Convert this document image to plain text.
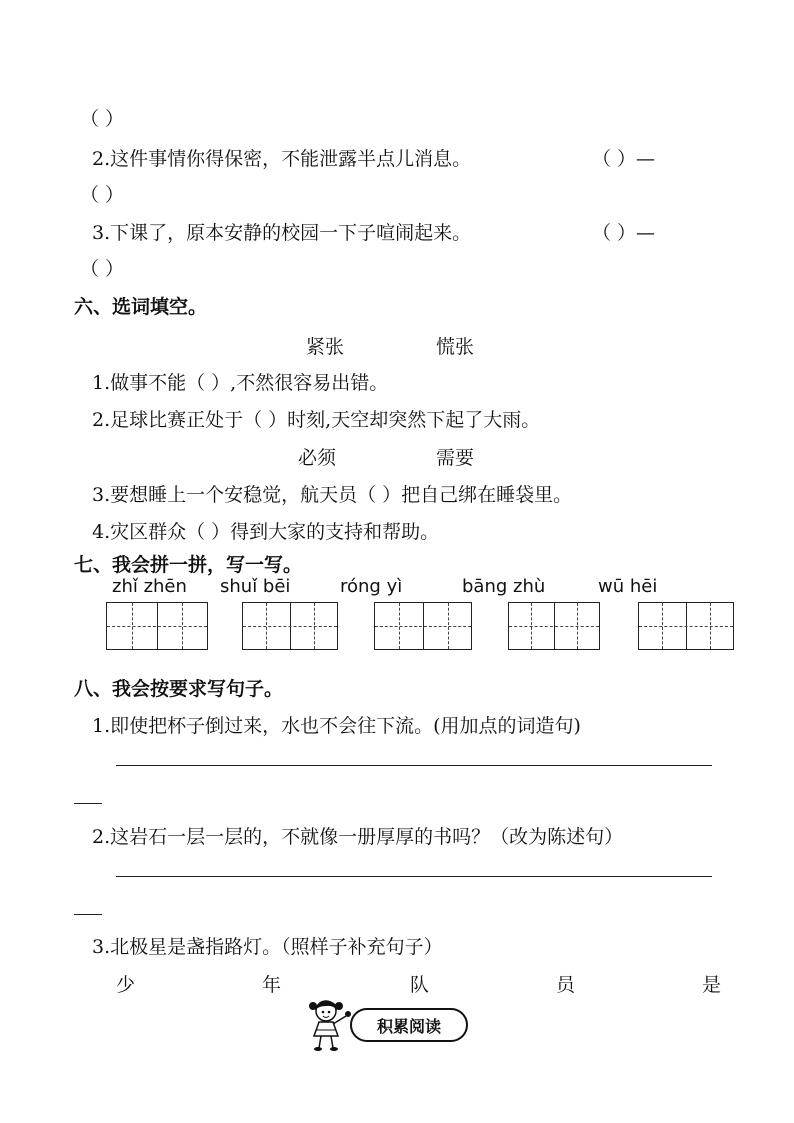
（ ）
2.这件事情你得保密，不能泄露半点儿消息。	（ ）—
（ ）
3.下课了，原本安静的校园一下子喧闹起来。	（ ）—
（ ）
六、选词填空。
紧张	慌张
1.做事不能（ ）,不然很容易出错。
2.足球比赛正处于（ ）时刻,天空却突然下起了大雨。
必须	需要
3.要想睡上一个安稳觉，航天员（ ）把自己绑在睡袋里。
4.灾区群众（ ）得到大家的支持和帮助。
七、我会拼一拼，写一写。
zhǐ zhēn shuǐ bēi	róng yì	bāng zhù	wū hēi
八、我会按要求写句子。
1.即使把杯子倒过来，水也不会往下流。(用加点的词造句)
2.这岩石一层一层的，不就像一册厚厚的书吗？（改为陈述句）
3.北极星是盏指路灯。（照样子补充句子）
少	年	队	员	是
积累阅读
